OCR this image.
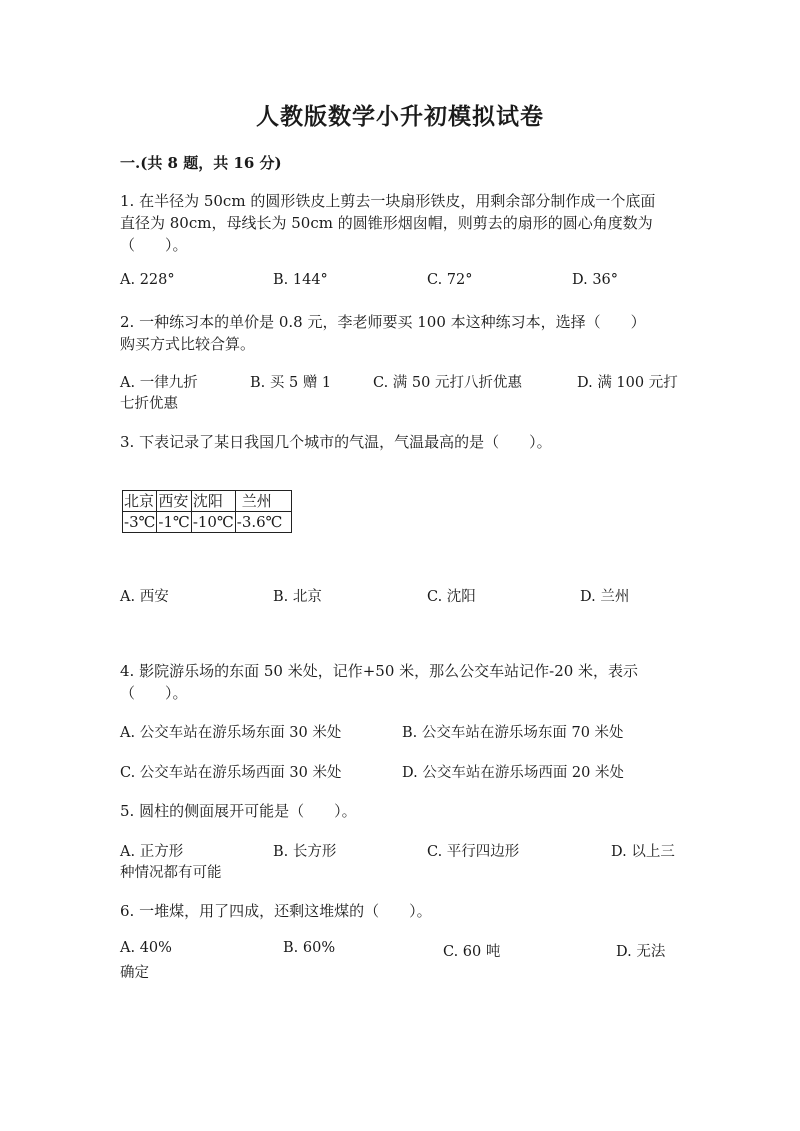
人教版数学小升初模拟试卷
一.(共 8 题，共 16 分)
1. 在半径为 50cm 的圆形铁皮上剪去一块扇形铁皮，用剩余部分制作成一个底面
直径为 80cm，母线长为 50cm 的圆锥形烟囱帽，则剪去的扇形的圆心角度数为
（　　）。
A. 228°	B. 144°	C. 72°	D. 36°
2. 一种练习本的单价是 0.8 元，李老师要买 100 本这种练习本，选择（　　）
购买方式比较合算。
A. 一律九折	B. 买 5 赠 1	C. 满 50 元打八折优惠	D. 满 100 元打
七折优惠
3. 下表记录了某日我国几个城市的气温，气温最高的是（　　）。
北京	西安	沈阳	兰州
-3℃	-1℃	-10℃	-3.6℃
A. 西安	B. 北京	C. 沈阳	D. 兰州
4. 影院游乐场的东面 50 米处，记作+50 米，那么公交车站记作-20 米，表示
（　　）。
A. 公交车站在游乐场东面 30 米处	B. 公交车站在游乐场东面 70 米处
C. 公交车站在游乐场西面 30 米处	D. 公交车站在游乐场西面 20 米处
5. 圆柱的侧面展开可能是（　　）。
A. 正方形	B. 长方形	C. 平行四边形	D. 以上三
种情况都有可能
6. 一堆煤，用了四成，还剩这堆煤的（　　）。
A. 40%	B. 60%	C. 60 吨	D. 无法
确定
